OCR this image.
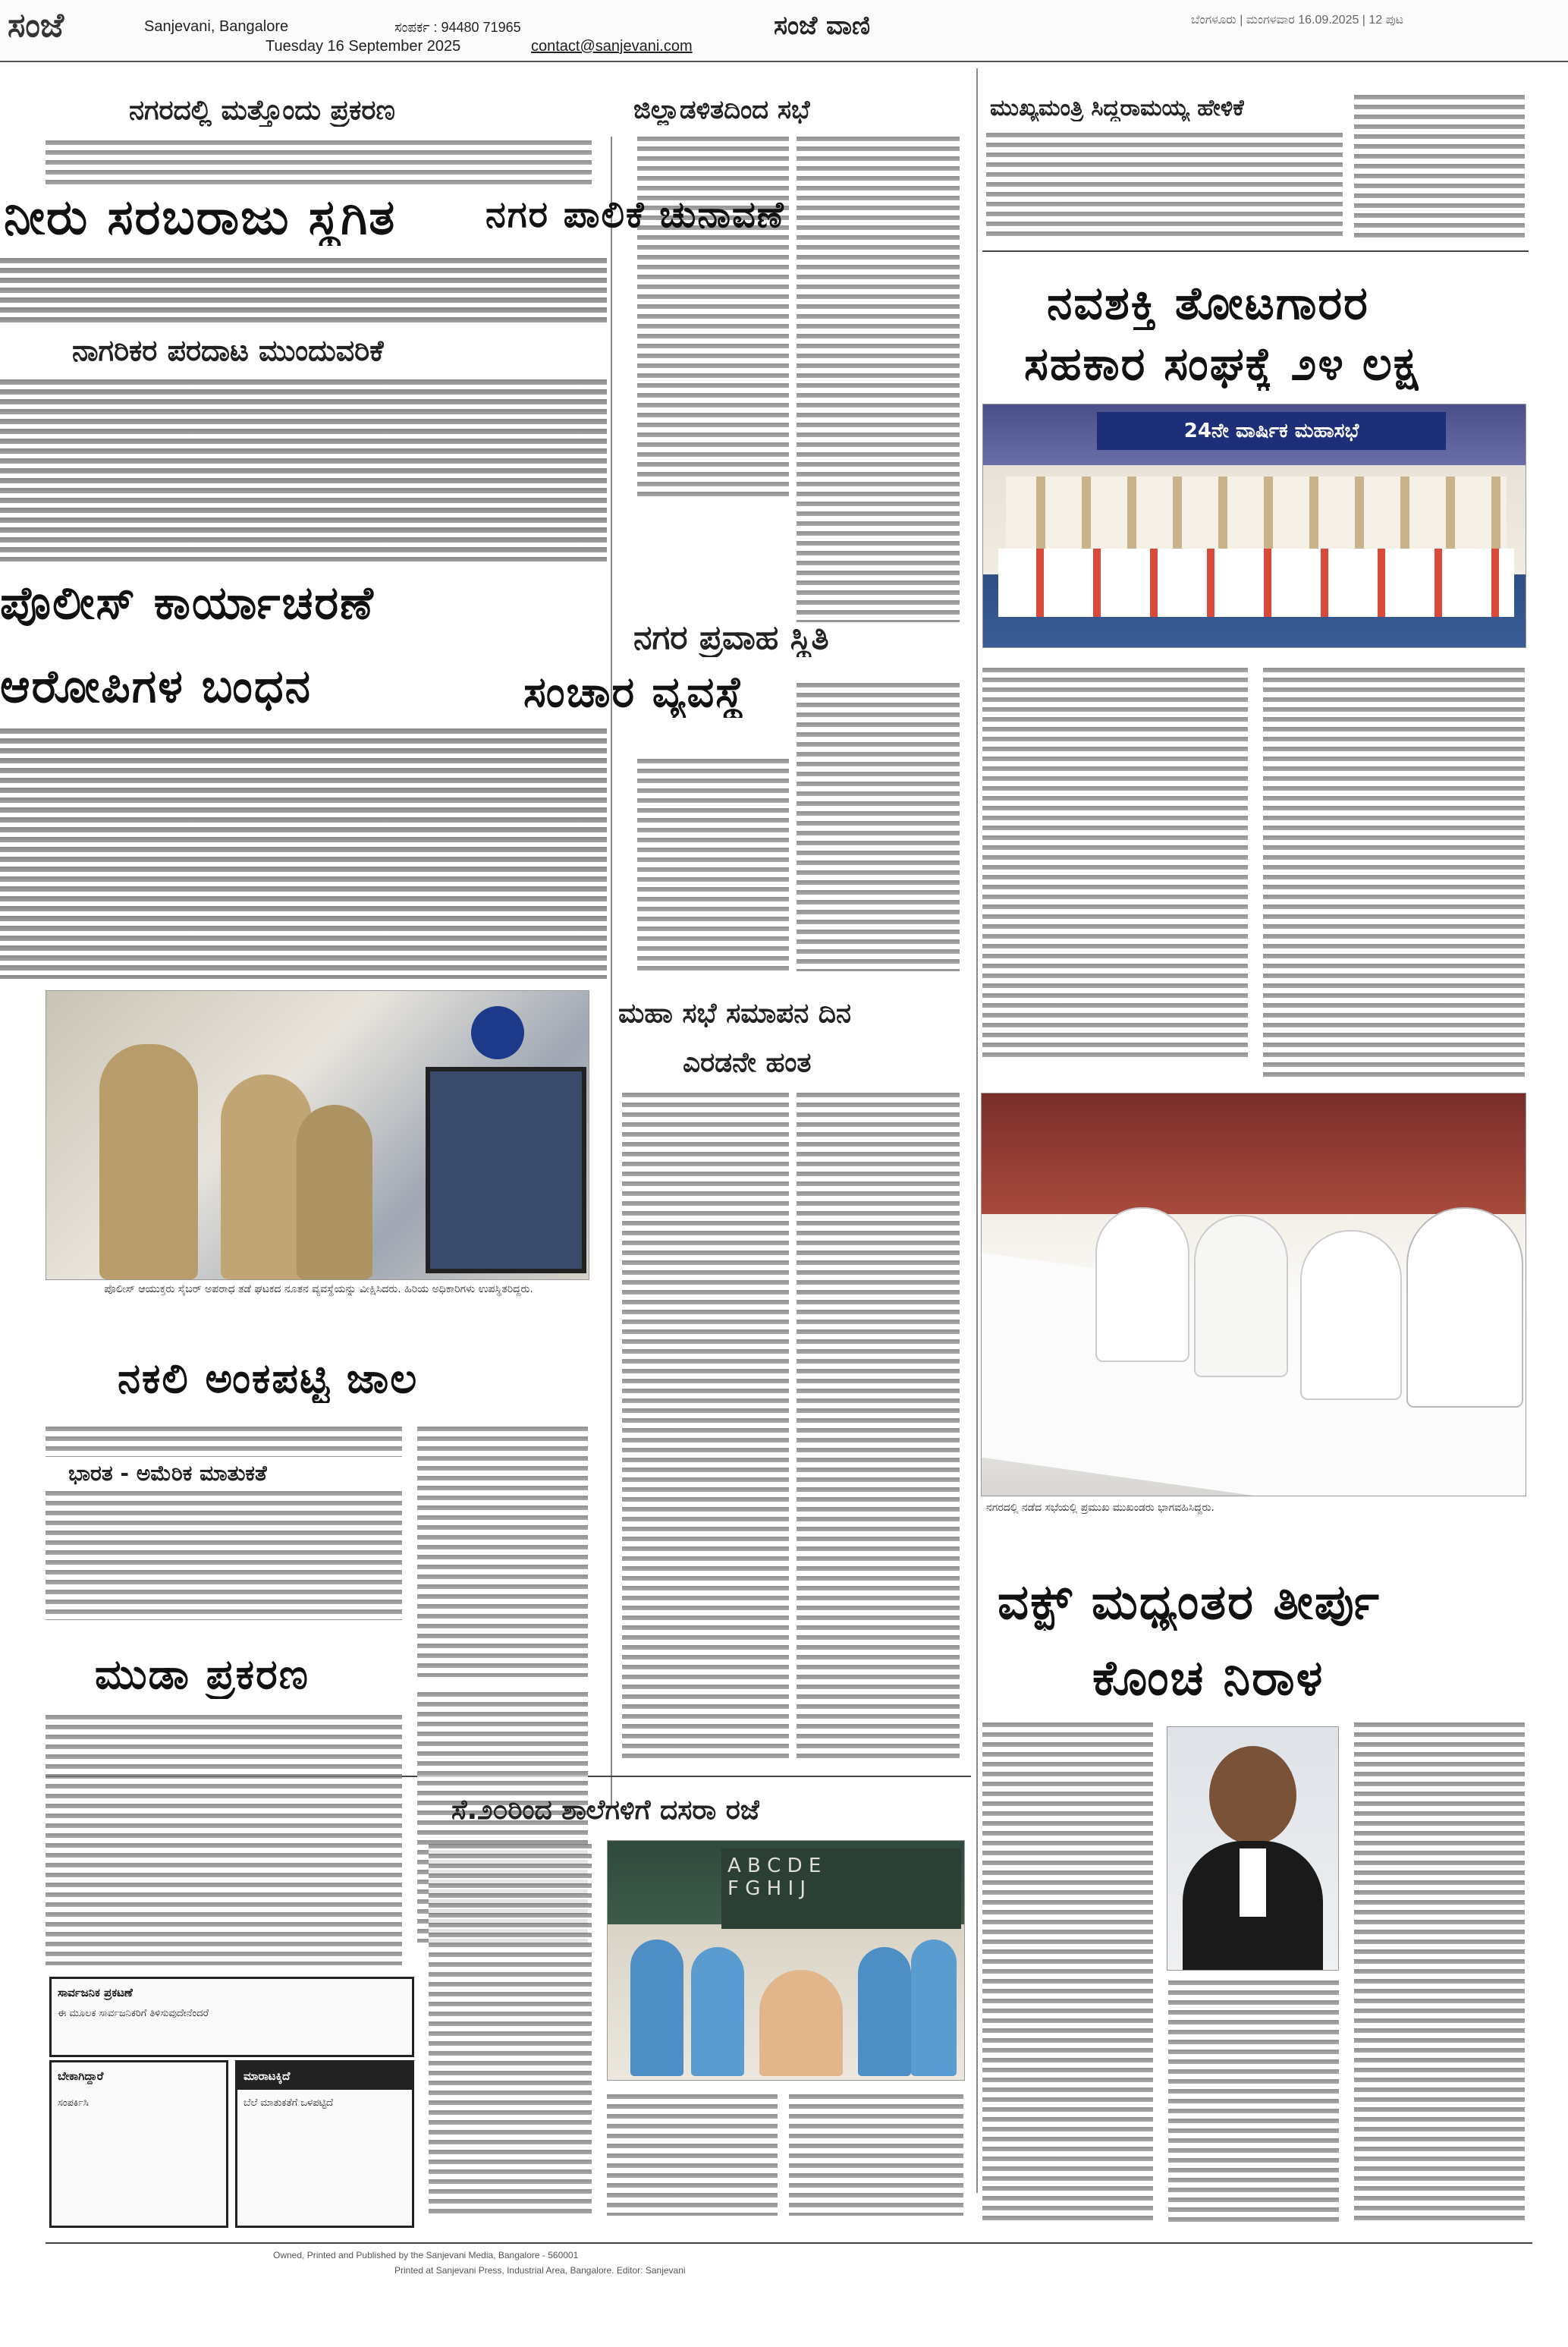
ಸಂಜೆ	Sanjevani, Bangalore
Tuesday 16 September 2025
ಸಂಪರ್ಕ : 94480 71965
contact@sanjevani.com
ಸಂಜೆ ವಾಣಿ	ಬೆಂಗಳೂರು | ಮಂಗಳವಾರ 16.09.2025 | 12 ಪುಟ
ನಗರದಲ್ಲಿ ಮತ್ತೊಂದು ಪ್ರಕರಣ
ನೀರು ಸರಬರಾಜು ಸ್ಥಗಿತ
ನಾಗರಿಕರ ಪರದಾಟ ಮುಂದುವರಿಕೆ
ಪೊಲೀಸ್ ಕಾರ್ಯಾಚರಣೆ
ಆರೋಪಿಗಳ ಬಂಧನ
ಪೊಲೀಸ್ ಆಯುಕ್ತರು ಸೈಬರ್ ಅಪರಾಧ ತಡೆ ಘಟಕದ ನೂತನ ವ್ಯವಸ್ಥೆಯನ್ನು ವೀಕ್ಷಿಸಿದರು. ಹಿರಿಯ ಅಧಿಕಾರಿಗಳು ಉಪಸ್ಥಿತರಿದ್ದರು.
ನಕಲಿ ಅಂಕಪಟ್ಟಿ ಜಾಲ
ಭಾರತ - ಅಮೆರಿಕ ಮಾತುಕತೆ
ಮುಡಾ ಪ್ರಕರಣ
ಸಾರ್ವಜನಿಕ ಪ್ರಕಟಣೆ
ಈ ಮೂಲಕ ಸಾರ್ವಜನಿಕರಿಗೆ ತಿಳಿಸುವುದೇನೆಂದರೆ
ಬೇಕಾಗಿದ್ದಾರೆ
ಸಂಪರ್ಕಿಸಿ
ಮಾರಾಟಕ್ಕಿದೆ
ಬೆಲೆ ಮಾತುಕತೆಗೆ ಒಳಪಟ್ಟಿದೆ
ಜಿಲ್ಲಾಡಳಿತದಿಂದ ಸಭೆ
ನಗರ ಪಾಲಿಕೆ ಚುನಾವಣೆ
ನಗರ ಪ್ರವಾಹ ಸ್ಥಿತಿ
ಸಂಚಾರ ವ್ಯವಸ್ಥೆ
ಮಹಾ ಸಭೆ ಸಮಾಪನ ದಿನ
ಎರಡನೇ ಹಂತ
ಸೆ.೨೦ರಿಂದ ಶಾಲೆಗಳಿಗೆ ದಸರಾ ರಜೆ
A B C D E
F G H I J
ಮುಖ್ಯಮಂತ್ರಿ ಸಿದ್ದರಾಮಯ್ಯ ಹೇಳಿಕೆ
ನವಶಕ್ತಿ ತೋಟಗಾರರ
ಸಹಕಾರ ಸಂಘಕ್ಕೆ ೨೪ ಲಕ್ಷ
24ನೇ ವಾರ್ಷಿಕ ಮಹಾಸಭೆ
ನಗರದಲ್ಲಿ ನಡೆದ ಸಭೆಯಲ್ಲಿ ಪ್ರಮುಖ ಮುಖಂಡರು ಭಾಗವಹಿಸಿದ್ದರು.
ವಕ್ಫ್ ಮಧ್ಯಂತರ ತೀರ್ಪು
ಕೊಂಚ ನಿರಾಳ
Owned, Printed and Published by the Sanjevani Media, Bangalore - 560001
Printed at Sanjevani Press, Industrial Area, Bangalore. Editor: Sanjevani
